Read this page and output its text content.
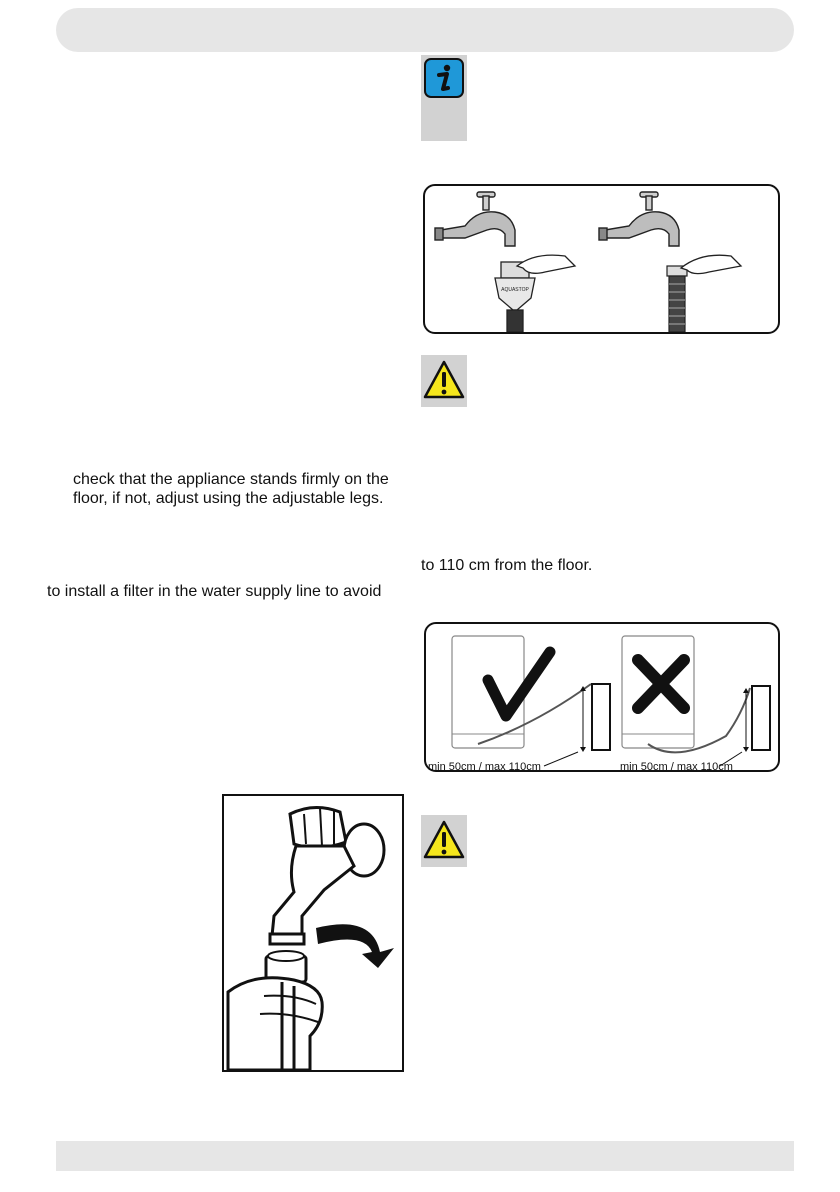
check that the appliance stands firmly on the
floor, if not, adjust using the adjustable legs.
to install a filter in the water supply line to avoid
to 110 cm from the floor.
AQUASTOP
min 50cm / max 110cm	min 50cm / max 110cm
